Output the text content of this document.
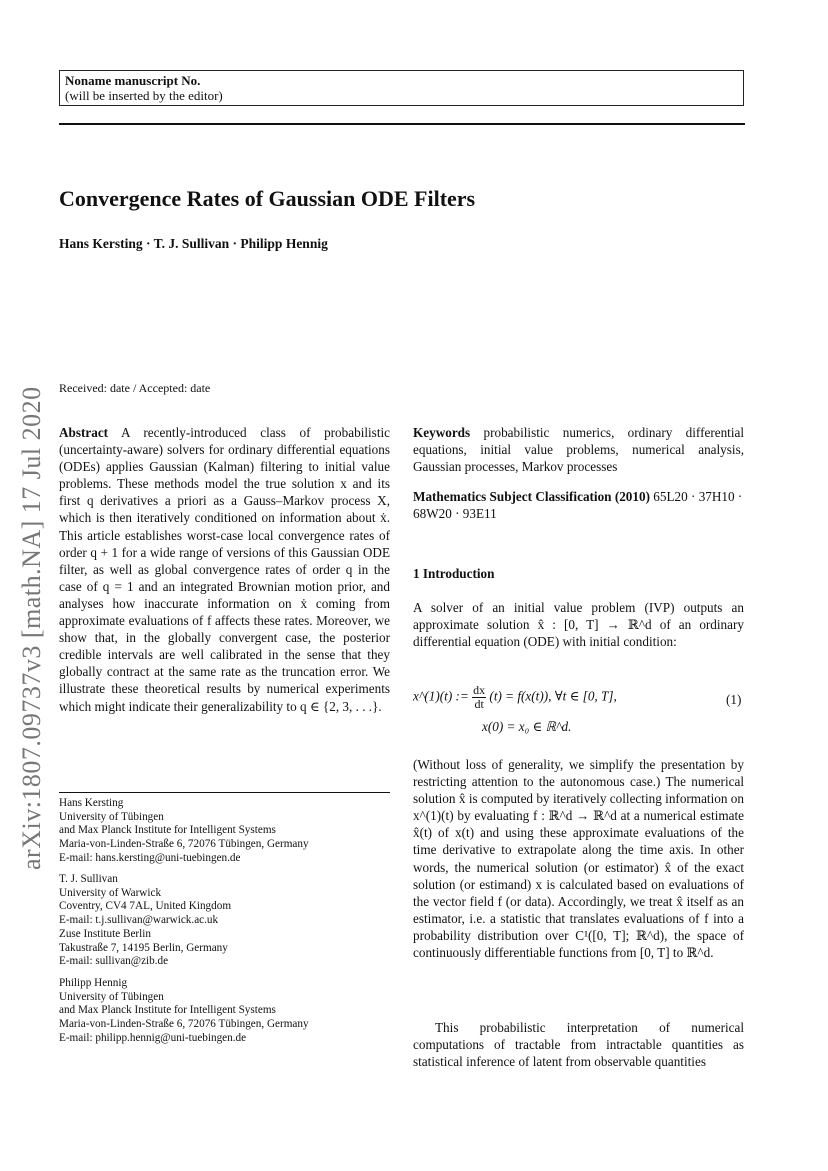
Noname manuscript No.
(will be inserted by the editor)
Convergence Rates of Gaussian ODE Filters
Hans Kersting · T. J. Sullivan · Philipp Hennig
arXiv:1807.09737v3 [math.NA] 17 Jul 2020	Received: date / Accepted: date
Abstract A recently-introduced class of probabilistic (uncertainty-aware) solvers for ordinary differential equations (ODEs) applies Gaussian (Kalman) filtering to initial value problems. These methods model the true solution x and its first q derivatives a priori as a Gauss–Markov process X, which is then iteratively conditioned on information about ẋ. This article establishes worst-case local convergence rates of order q + 1 for a wide range of versions of this Gaussian ODE filter, as well as global convergence rates of order q in the case of q = 1 and an integrated Brownian motion prior, and analyses how inaccurate information on ẋ coming from approximate evaluations of f affects these rates. Moreover, we show that, in the globally convergent case, the posterior credible intervals are well calibrated in the sense that they globally contract at the same rate as the truncation error. We illustrate these theoretical results by numerical experiments which might indicate their generalizability to q ∈ {2, 3, . . .}.
Hans Kersting
University of Tübingen
and Max Planck Institute for Intelligent Systems
Maria-von-Linden-Straße 6, 72076 Tübingen, Germany
E-mail: hans.kersting@uni-tuebingen.de
T. J. Sullivan
University of Warwick
Coventry, CV4 7AL, United Kingdom
E-mail: t.j.sullivan@warwick.ac.uk
Zuse Institute Berlin
Takustraße 7, 14195 Berlin, Germany
E-mail: sullivan@zib.de
Philipp Hennig
University of Tübingen
and Max Planck Institute for Intelligent Systems
Maria-von-Linden-Straße 6, 72076 Tübingen, Germany
E-mail: philipp.hennig@uni-tuebingen.de
Keywords probabilistic numerics, ordinary differential equations, initial value problems, numerical analysis, Gaussian processes, Markov processes
Mathematics Subject Classification (2010) 65L20 · 37H10 · 68W20 · 93E11
1 Introduction
A solver of an initial value problem (IVP) outputs an approximate solution x̂ : [0, T] → ℝ^d of an ordinary differential equation (ODE) with initial condition:
x^(1)(t) := $\frac{dx}{dt} (t) = f(x(t))$, ∀t ∈ [0, T],	(1)
x(0) = x₀ ∈ ℝ^d.
(Without loss of generality, we simplify the presentation by restricting attention to the autonomous case.) The numerical solution x̂ is computed by iteratively collecting information on x^(1)(t) by evaluating f : ℝ^d → ℝ^d at a numerical estimate x̂(t) of x(t) and using these approximate evaluations of the time derivative to extrapolate along the time axis. In other words, the numerical solution (or estimator) x̂ of the exact solution (or estimand) x is calculated based on evaluations of the vector field f (or data). Accordingly, we treat x̂ itself as an estimator, i.e. a statistic that translates evaluations of f into a probability distribution over C¹([0, T]; ℝ^d), the space of continuously differentiable functions from [0, T] to ℝ^d.
This probabilistic interpretation of numerical computations of tractable from intractable quantities as statistical inference of latent from observable quantities
